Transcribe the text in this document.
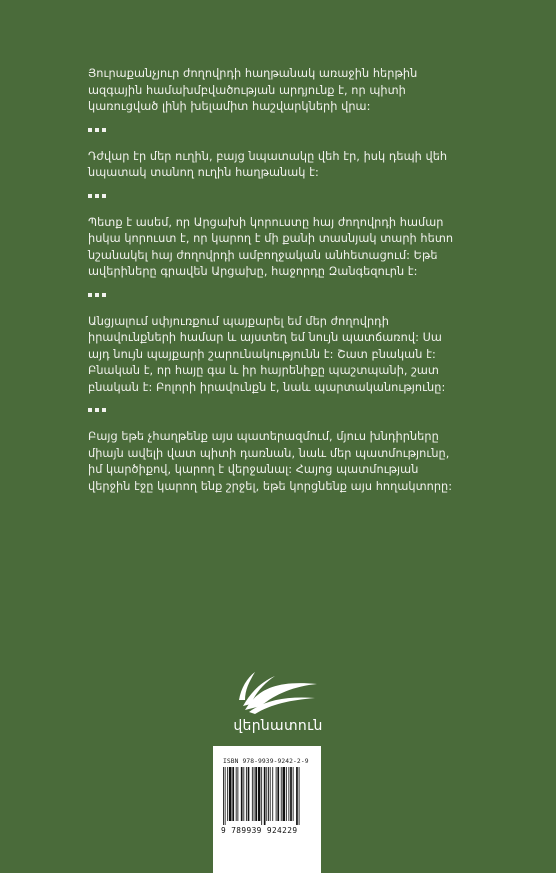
Յուրաքանչյուր ժողովրդի հաղթանակ առաջին հերթին
ազգային համախմբվածության արդյունք է, որ պիտի
կառուցված լինի խելամիտ հաշվարկների վրա:

Դժվար էր մեր ուղին, բայց նպատակը վեհ էր, իսկ դեպի վեհ
նպատակ տանող ուղին հաղթանակ է:

Պետք է ասեմ, որ Արցախի կորուստը հայ ժողովրդի համար
իսկա կորուստ է, որ կարող է մի քանի տասնյակ տարի հետո
նշանակել հայ ժողովրդի ամբողջական անհետացում: Եթե
ավերիները գրավեն Արցախը, հաջորդը Զանգեզուրն է:

Անցյալում սփյուռքում պայքարել եմ մեր ժողովրդի
իրավունքների համար և այստեղ եմ նույն պատճառով: Սա
այդ նույն պայքարի շարունակությունն է: Շատ բնական է:
Բնական է, որ հայը գա և իր հայրենիքը պաշտպանի, շատ
բնական է: Բոլորի իրավունքն է, նաև պարտականությունը:

Բայց եթե չհաղթենք այս պատերազմում, մյուս խնդիրները
միայն ավելի վատ պիտի դառնան, նաև մեր պատմությունը,
իմ կարծիքով, կարող է վերջանալ: Հայոց պատմության
վերջին էջը կարող ենք շրջել, եթե կորցնենք այս հողակտորը:

վերնատուն
ISBN 978-9939-9242-2-9
9 789939 924229
